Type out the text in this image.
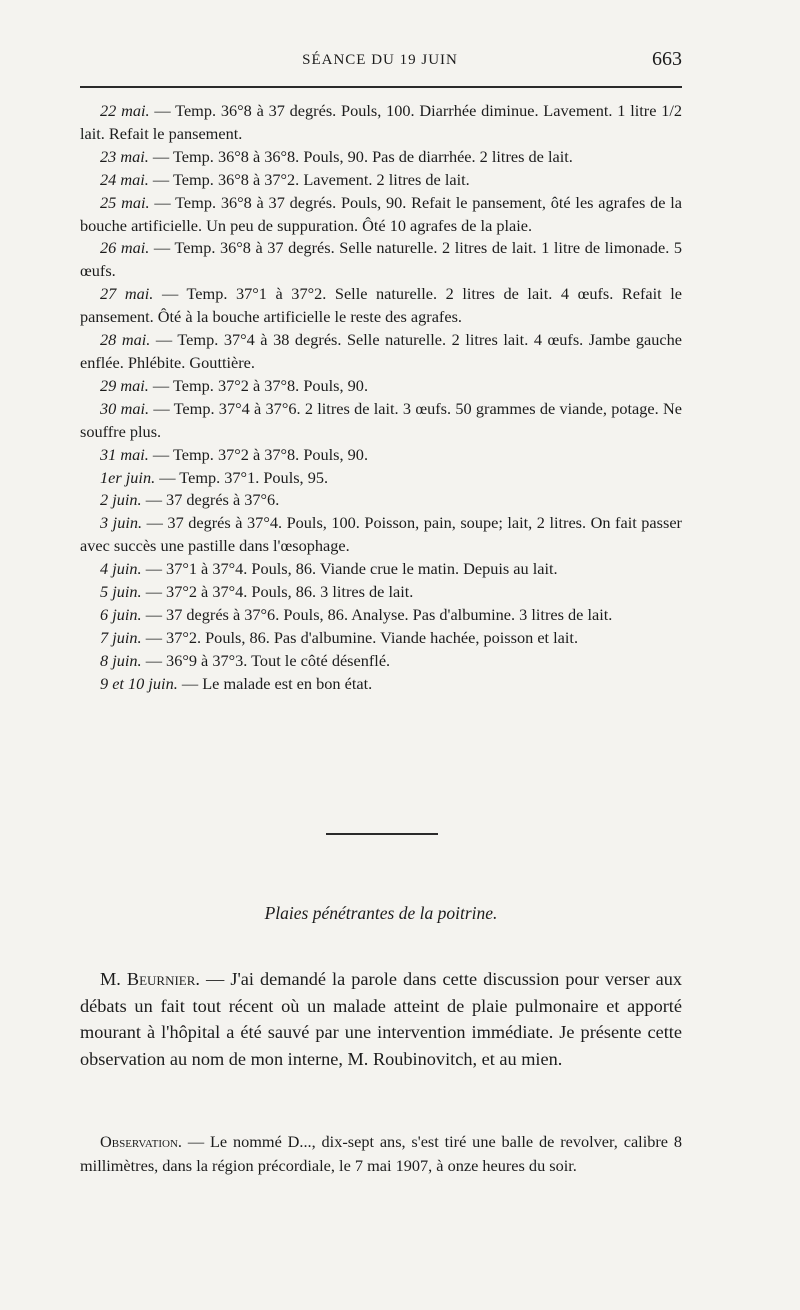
SÉANCE DU 19 JUIN	663
22 mai. — Temp. 36°8 à 37 degrés. Pouls, 100. Diarrhée diminue. Lavement. 1 litre 1/2 lait. Refait le pansement.
23 mai. — Temp. 36°8 à 36°8. Pouls, 90. Pas de diarrhée. 2 litres de lait.
24 mai. — Temp. 36°8 à 37°2. Lavement. 2 litres de lait.
25 mai. — Temp. 36°8 à 37 degrés. Pouls, 90. Refait le pansement, ôté les agrafes de la bouche artificielle. Un peu de suppuration. Ôté 10 agrafes de la plaie.
26 mai. — Temp. 36°8 à 37 degrés. Selle naturelle. 2 litres de lait. 1 litre de limonade. 5 œufs.
27 mai. — Temp. 37°1 à 37°2. Selle naturelle. 2 litres de lait. 4 œufs. Refait le pansement. Ôté à la bouche artificielle le reste des agrafes.
28 mai. — Temp. 37°4 à 38 degrés. Selle naturelle. 2 litres lait. 4 œufs. Jambe gauche enflée. Phlébite. Gouttière.
29 mai. — Temp. 37°2 à 37°8. Pouls, 90.
30 mai. — Temp. 37°4 à 37°6. 2 litres de lait. 3 œufs. 50 grammes de viande, potage. Ne souffre plus.
31 mai. — Temp. 37°2 à 37°8. Pouls, 90.
1er juin. — Temp. 37°1. Pouls, 95.
2 juin. — 37 degrés à 37°6.
3 juin. — 37 degrés à 37°4. Pouls, 100. Poisson, pain, soupe; lait, 2 litres. On fait passer avec succès une pastille dans l'œsophage.
4 juin. — 37°1 à 37°4. Pouls, 86. Viande crue le matin. Depuis au lait.
5 juin. — 37°2 à 37°4. Pouls, 86. 3 litres de lait.
6 juin. — 37 degrés à 37°6. Pouls, 86. Analyse. Pas d'albumine. 3 litres de lait.
7 juin. — 37°2. Pouls, 86. Pas d'albumine. Viande hachée, poisson et lait.
8 juin. — 36°9 à 37°3. Tout le côté désenflé.
9 et 10 juin. — Le malade est en bon état.
Plaies pénétrantes de la poitrine.

M. Beurnier. — J'ai demandé la parole dans cette discussion pour verser aux débats un fait tout récent où un malade atteint de plaie pulmonaire et apporté mourant à l'hôpital a été sauvé par une intervention immédiate. Je présente cette observation au nom de mon interne, M. Roubinovitch, et au mien.

Observation. — Le nommé D..., dix-sept ans, s'est tiré une balle de revolver, calibre 8 millimètres, dans la région précordiale, le 7 mai 1907, à onze heures du soir.
